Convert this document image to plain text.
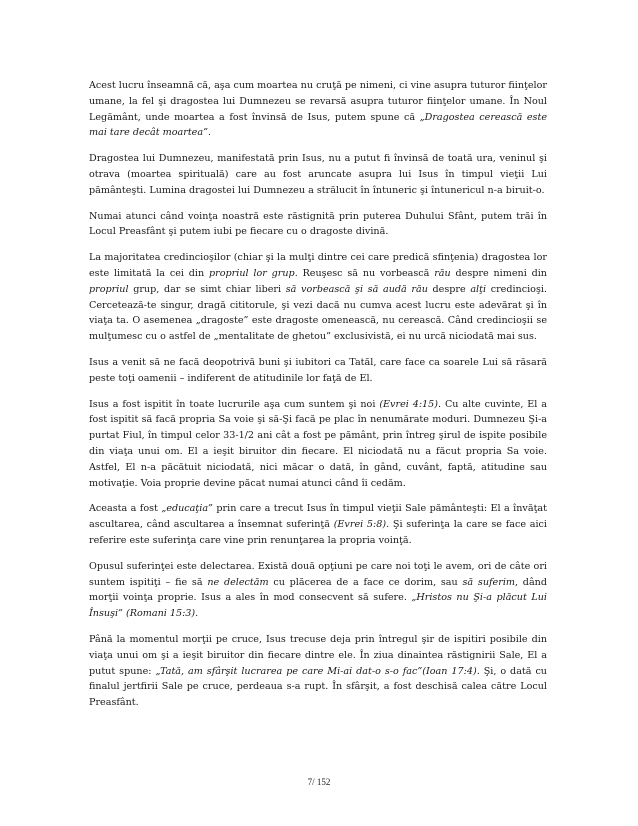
Acest lucru înseamnă că, aşa cum moartea nu cruţă pe nimeni, ci vine asupra tuturor fiinţelor umane, la fel şi dragostea lui Dumnezeu se revarsă asupra tuturor fiinţelor umane. În Noul Legământ, unde moartea a fost învinsă de Isus, putem spune că „Dragostea cerească este mai tare decât moartea”.

Dragostea lui Dumnezeu, manifestată prin Isus, nu a putut fi învinsă de toată ura, veninul şi otrava (moartea spirituală) care au fost aruncate asupra lui Isus în timpul vieţii Lui pământeşti. Lumina dragostei lui Dumnezeu a strălucit în întuneric şi întunericul n-a biruit-o.

Numai atunci când voinţa noastră este răstignită prin puterea Duhului Sfânt, putem trăi în Locul Preasfânt şi putem iubi pe fiecare cu o dragoste divină.

La majoritatea credincioşilor (chiar şi la mulţi dintre cei care predică sfinţenia) dragostea lor este limitată la cei din propriul lor grup. Reuşesc să nu vorbească rău despre nimeni din propriul grup, dar se simt chiar liberi să vorbească şi să audă rău despre alţi credincioşi. Cercetează-te singur, dragă cititorule, şi vezi dacă nu cumva acest lucru este adevărat şi în viaţa ta. O asemenea „dragoste” este dragoste omenească, nu cerească. Când credincioşii se mulţumesc cu o astfel de „mentalitate de ghetou” exclusivistă, ei nu urcă niciodată mai sus.

Isus a venit să ne facă deopotrivă buni şi iubitori ca Tatăl, care face ca soarele Lui să răsară peste toţi oamenii – indiferent de atitudinile lor faţă de El.

Isus a fost ispitit în toate lucrurile aşa cum suntem şi noi (Evrei 4:15). Cu alte cuvinte, El a fost ispitit să facă propria Sa voie şi să-Şi facă pe plac în nenumărate moduri. Dumnezeu Şi-a purtat Fiul, în timpul celor 33-1/2 ani cât a fost pe pământ, prin întreg şirul de ispite posibile din viaţa unui om. El a ieşit biruitor din fiecare. El niciodată nu a făcut propria Sa voie. Astfel, El n-a păcătuit niciodată, nici măcar o dată, în gând, cuvânt, faptă, atitudine sau motivaţie. Voia proprie devine păcat numai atunci când îi cedăm.

Aceasta a fost „educaţia” prin care a trecut Isus în timpul vieţii Sale pământeşti: El a învăţat ascultarea, când ascultarea a însemnat suferinţă (Evrei 5:8). Şi suferinţa la care se face aici referire este suferinţa care vine prin renunţarea la propria voinţă.

Opusul suferinţei este delectarea. Există două opţiuni pe care noi toţi le avem, ori de câte ori suntem ispitiţi – fie să ne delectăm cu plăcerea de a face ce dorim, sau să suferim, dând morţii voinţa proprie. Isus a ales în mod consecvent să sufere. „Hristos nu Şi-a plăcut Lui Însuşi” (Romani 15:3).

Până la momentul morţii pe cruce, Isus trecuse deja prin întregul şir de ispitiri posibile din viaţa unui om şi a ieşit biruitor din fiecare dintre ele. În ziua dinaintea răstignirii Sale, El a putut spune: „Tată, am sfârşit lucrarea pe care Mi-ai dat-o s-o fac”(Ioan 17:4). Şi, o dată cu finalul jertfirii Sale pe cruce, perdeaua s-a rupt. În sfârşit, a fost deschisă calea către Locul Preasfânt.

7/ 152
